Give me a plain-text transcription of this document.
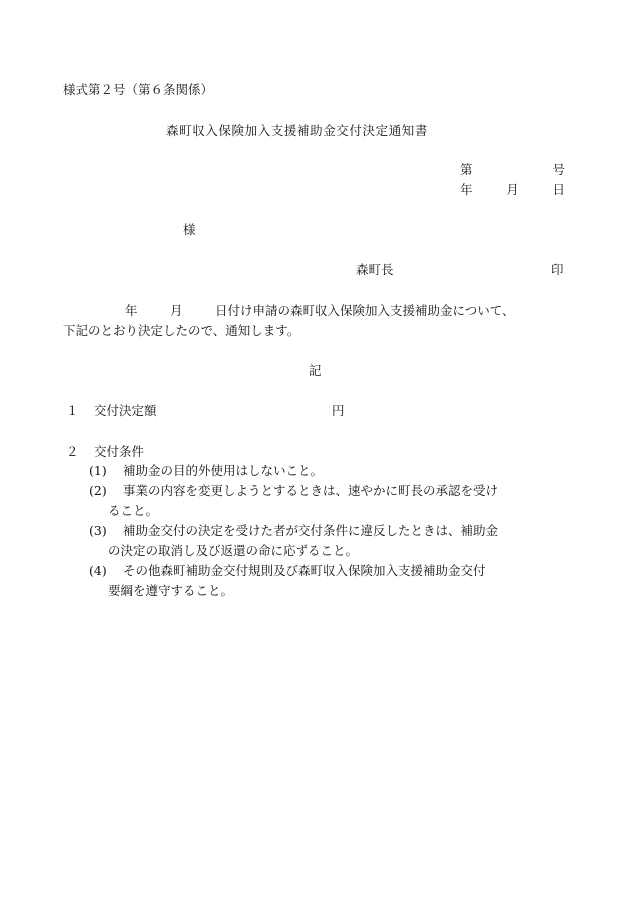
様式第２号（第６条関係）
森町収入保険加入支援補助金交付決定通知書
第	号
年	月	日
様
森町長	印
年	月	日付け申請の森町収入保険加入支援補助金について、
下記のとおり決定したので、通知します。
記
１ 交付決定額	円
２ 交付条件
(1) 補助金の目的外使用はしないこと。
(2) 事業の内容を変更しようとするときは、速やかに町長の承認を受け
ること。
(3) 補助金交付の決定を受けた者が交付条件に違反したときは、補助金
の決定の取消し及び返還の命に応ずること。
(4) その他森町補助金交付規則及び森町収入保険加入支援補助金交付
要綱を遵守すること。
